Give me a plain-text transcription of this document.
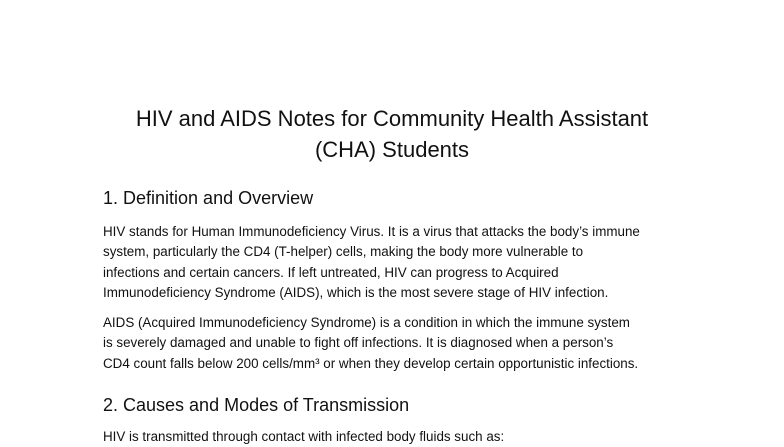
HIV and AIDS Notes for Community Health Assistant
(CHA) Students
1. Definition and Overview

HIV stands for Human Immunodeficiency Virus. It is a virus that attacks the body’s immune
system, particularly the CD4 (T-helper) cells, making the body more vulnerable to
infections and certain cancers. If left untreated, HIV can progress to Acquired
Immunodeficiency Syndrome (AIDS), which is the most severe stage of HIV infection.

AIDS (Acquired Immunodeficiency Syndrome) is a condition in which the immune system
is severely damaged and unable to fight off infections. It is diagnosed when a person’s
CD4 count falls below 200 cells/mm³ or when they develop certain opportunistic infections.

2. Causes and Modes of Transmission

HIV is transmitted through contact with infected body fluids such as:
